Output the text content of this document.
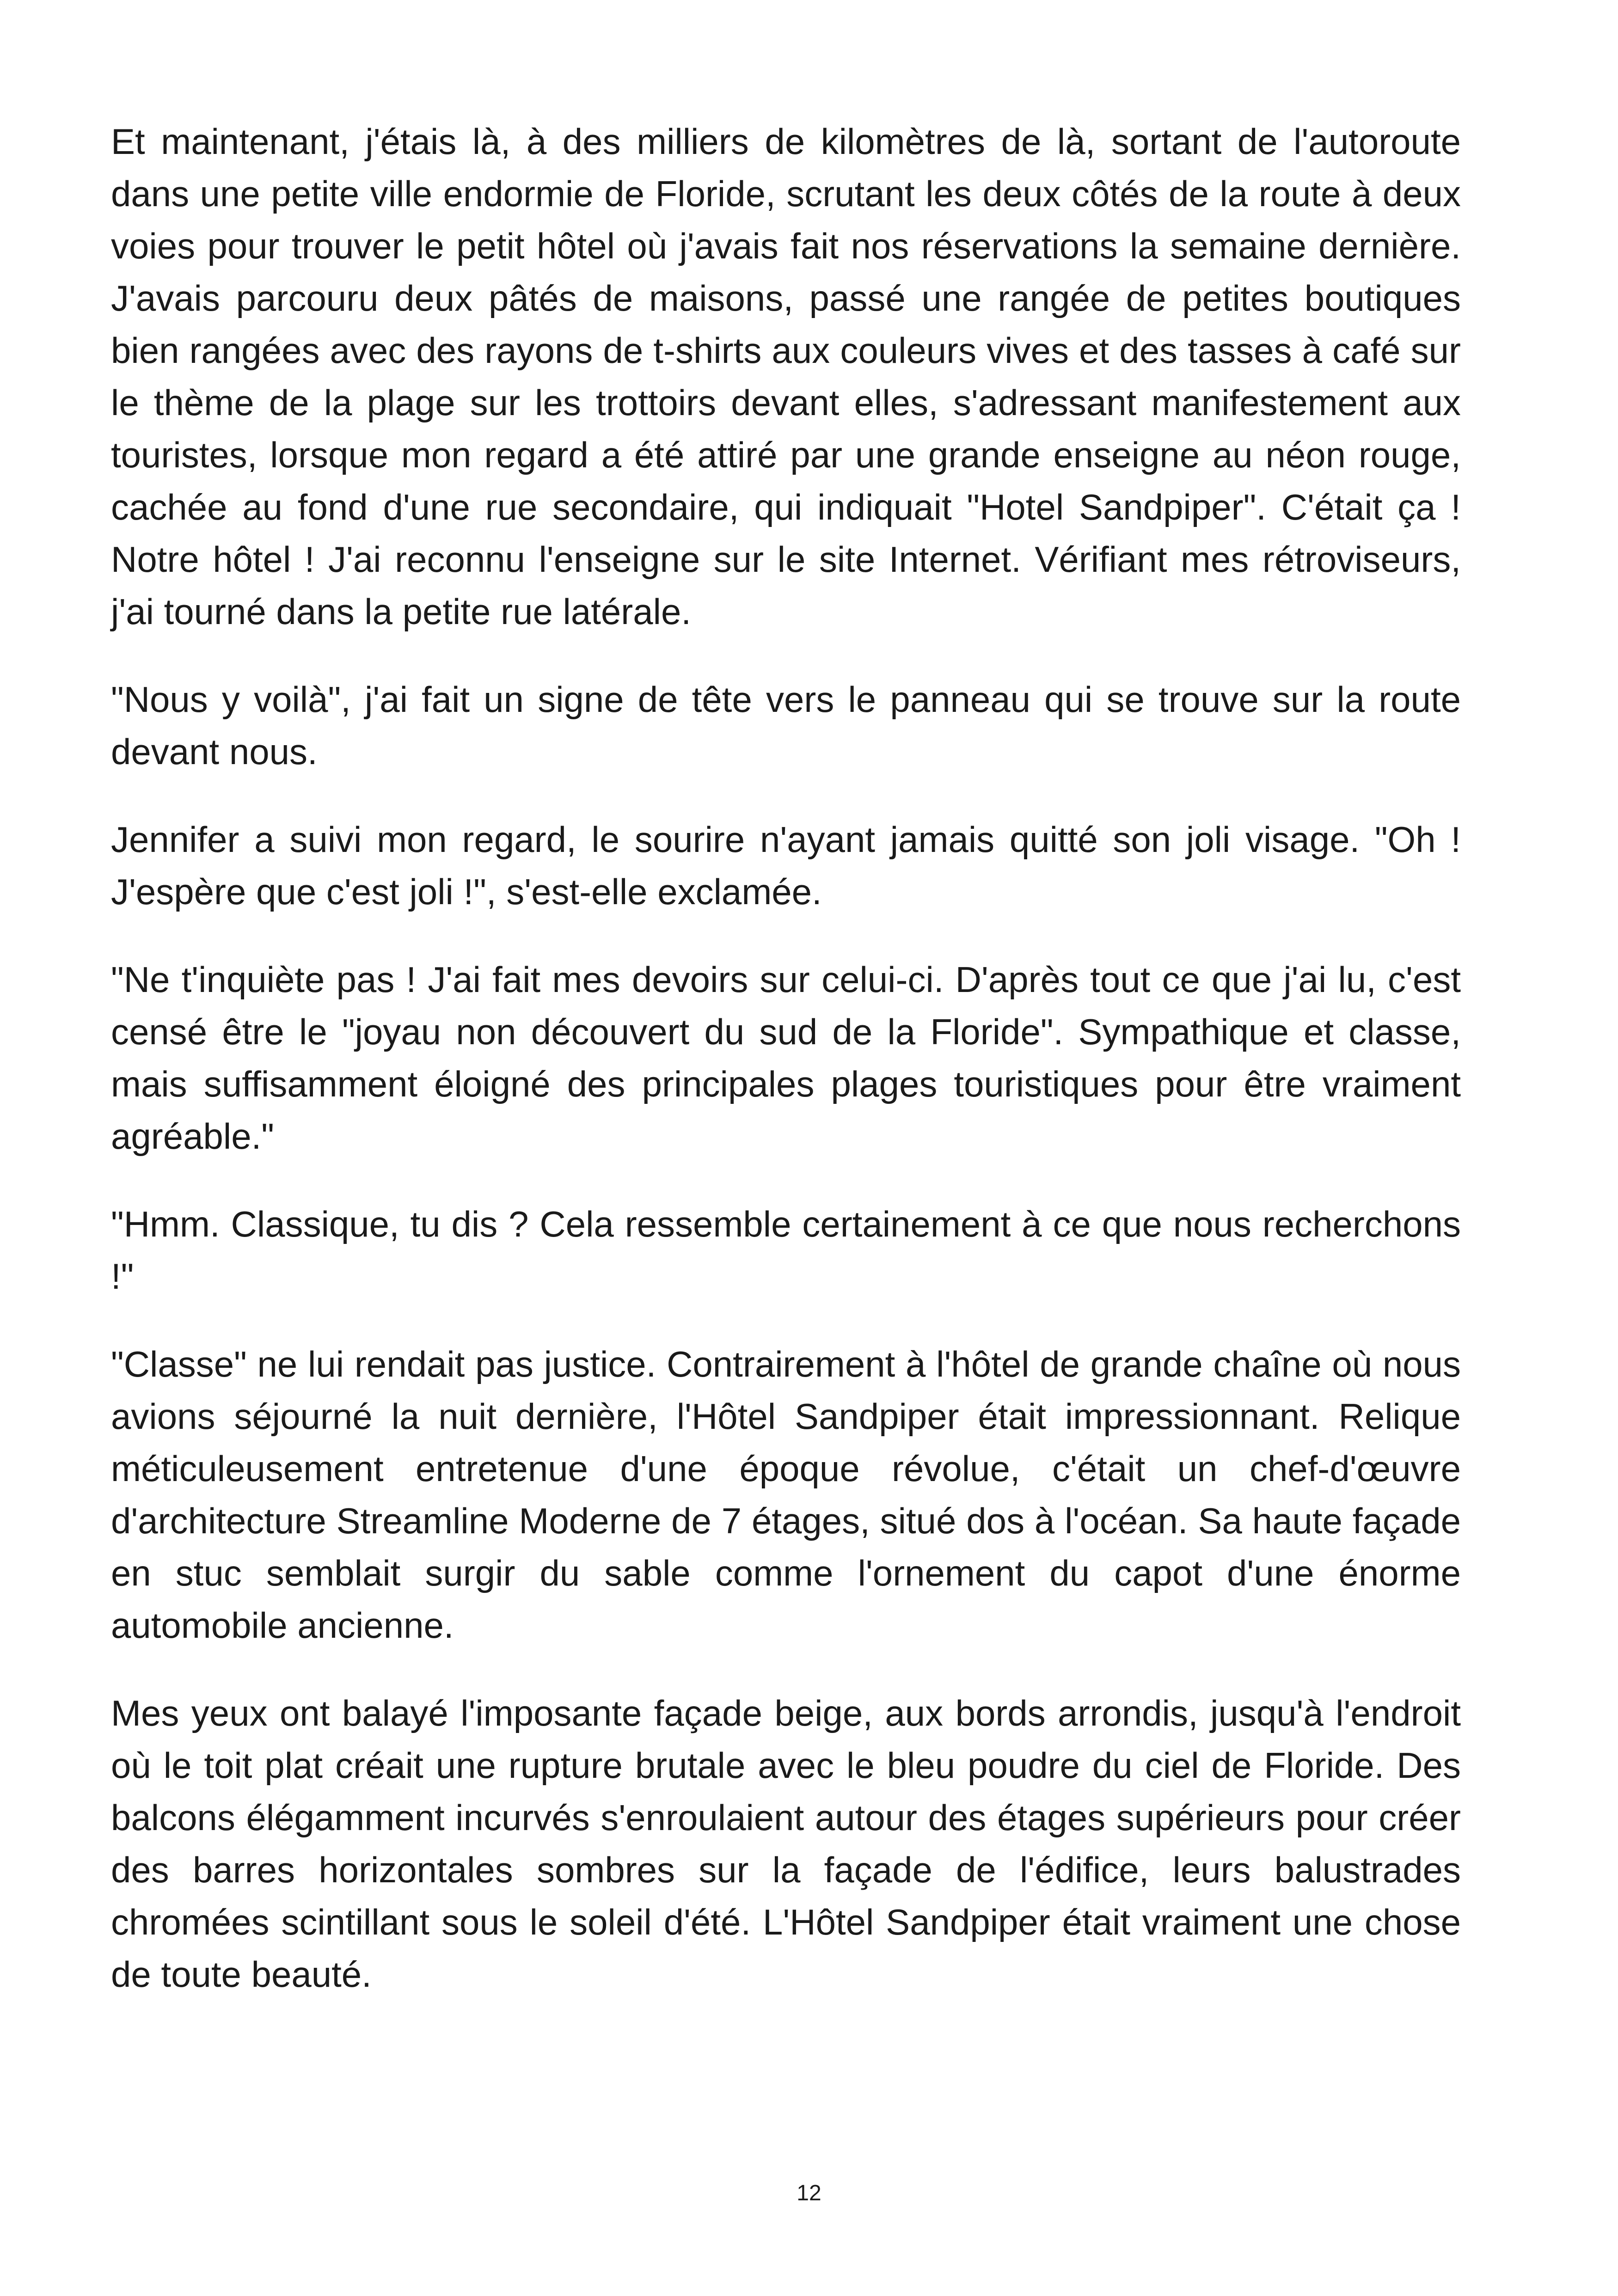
Et maintenant, j'étais là, à des milliers de kilomètres de là, sortant de l'autoroute dans une petite ville endormie de Floride, scrutant les deux côtés de la route à deux voies pour trouver le petit hôtel où j'avais fait nos réservations la semaine dernière. J'avais parcouru deux pâtés de maisons, passé une rangée de petites boutiques bien rangées avec des rayons de t-shirts aux couleurs vives et des tasses à café sur le thème de la plage sur les trottoirs devant elles, s'adressant manifestement aux touristes, lorsque mon regard a été attiré par une grande enseigne au néon rouge, cachée au fond d'une rue secondaire, qui indiquait "Hotel Sandpiper". C'était ça ! Notre hôtel ! J'ai reconnu l'enseigne sur le site Internet. Vérifiant mes rétroviseurs, j'ai tourné dans la petite rue latérale.

"Nous y voilà", j'ai fait un signe de tête vers le panneau qui se trouve sur la route devant nous.

Jennifer a suivi mon regard, le sourire n'ayant jamais quitté son joli visage. "Oh ! J'espère que c'est joli !", s'est-elle exclamée.

"Ne t'inquiète pas ! J'ai fait mes devoirs sur celui-ci. D'après tout ce que j'ai lu, c'est censé être le "joyau non découvert du sud de la Floride". Sympathique et classe, mais suffisamment éloigné des principales plages touristiques pour être vraiment agréable."

"Hmm. Classique, tu dis ? Cela ressemble certainement à ce que nous recherchons !"

"Classe" ne lui rendait pas justice. Contrairement à l'hôtel de grande chaîne où nous avions séjourné la nuit dernière, l'Hôtel Sandpiper était impressionnant. Relique méticuleusement entretenue d'une époque révolue, c'était un chef-d'œuvre d'architecture Streamline Moderne de 7 étages, situé dos à l'océan. Sa haute façade en stuc semblait surgir du sable comme l'ornement du capot d'une énorme automobile ancienne.

Mes yeux ont balayé l'imposante façade beige, aux bords arrondis, jusqu'à l'endroit où le toit plat créait une rupture brutale avec le bleu poudre du ciel de Floride. Des balcons élégamment incurvés s'enroulaient autour des étages supérieurs pour créer des barres horizontales sombres sur la façade de l'édifice, leurs balustrades chromées scintillant sous le soleil d'été. L'Hôtel Sandpiper était vraiment une chose de toute beauté.

12
